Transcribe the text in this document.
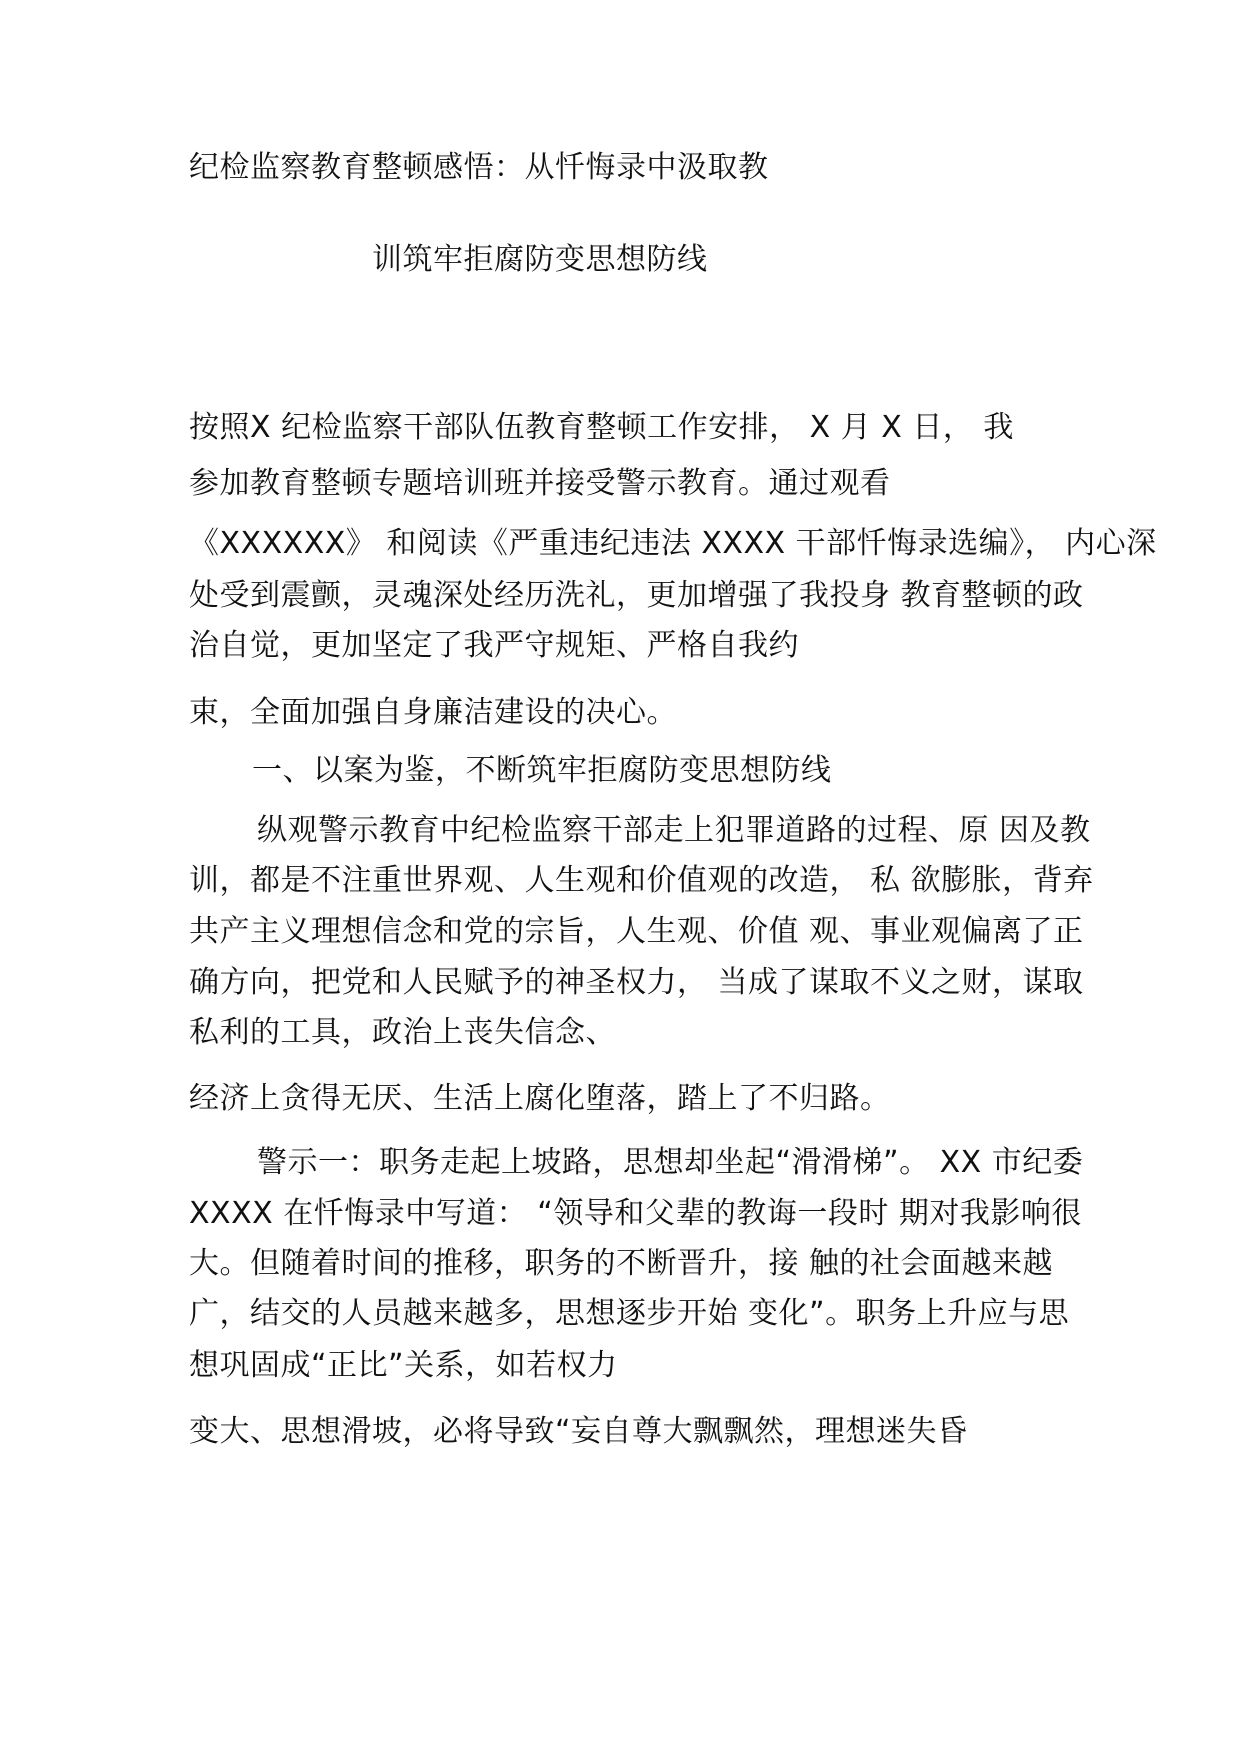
纪检监察教育整顿感悟：从忏悔录中汲取教
训筑牢拒腐防变思想防线
按照X 纪检监察干部队伍教育整顿工作安排， X 月 X 日， 我
参加教育整顿专题培训班并接受警示教育。通过观看
《XXXXXX》 和阅读《严重违纪违法 XXXX 干部忏悔录选编》， 内心深
处受到震颤，灵魂深处经历洗礼，更加增强了我投身 教育整顿的政
治自觉，更加坚定了我严守规矩、严格自我约
束，全面加强自身廉洁建设的决心。
一、以案为鉴，不断筑牢拒腐防变思想防线
纵观警示教育中纪检监察干部走上犯罪道路的过程、原 因及教
训，都是不注重世界观、人生观和价值观的改造， 私 欲膨胀，背弃
共产主义理想信念和党的宗旨，人生观、价值 观、事业观偏离了正
确方向，把党和人民赋予的神圣权力， 当成了谋取不义之财，谋取
私利的工具，政治上丧失信念、
经济上贪得无厌、生活上腐化堕落，踏上了不归路。
警示一：职务走起上坡路，思想却坐起“滑滑梯”。 XX 市纪委
XXXX 在忏悔录中写道： “领导和父辈的教诲一段时 期对我影响很
大。但随着时间的推移，职务的不断晋升，接 触的社会面越来越
广，结交的人员越来越多，思想逐步开始 变化”。职务上升应与思
想巩固成“正比”关系，如若权力
变大、思想滑坡，必将导致“妄自尊大飘飘然，理想迷失昏
